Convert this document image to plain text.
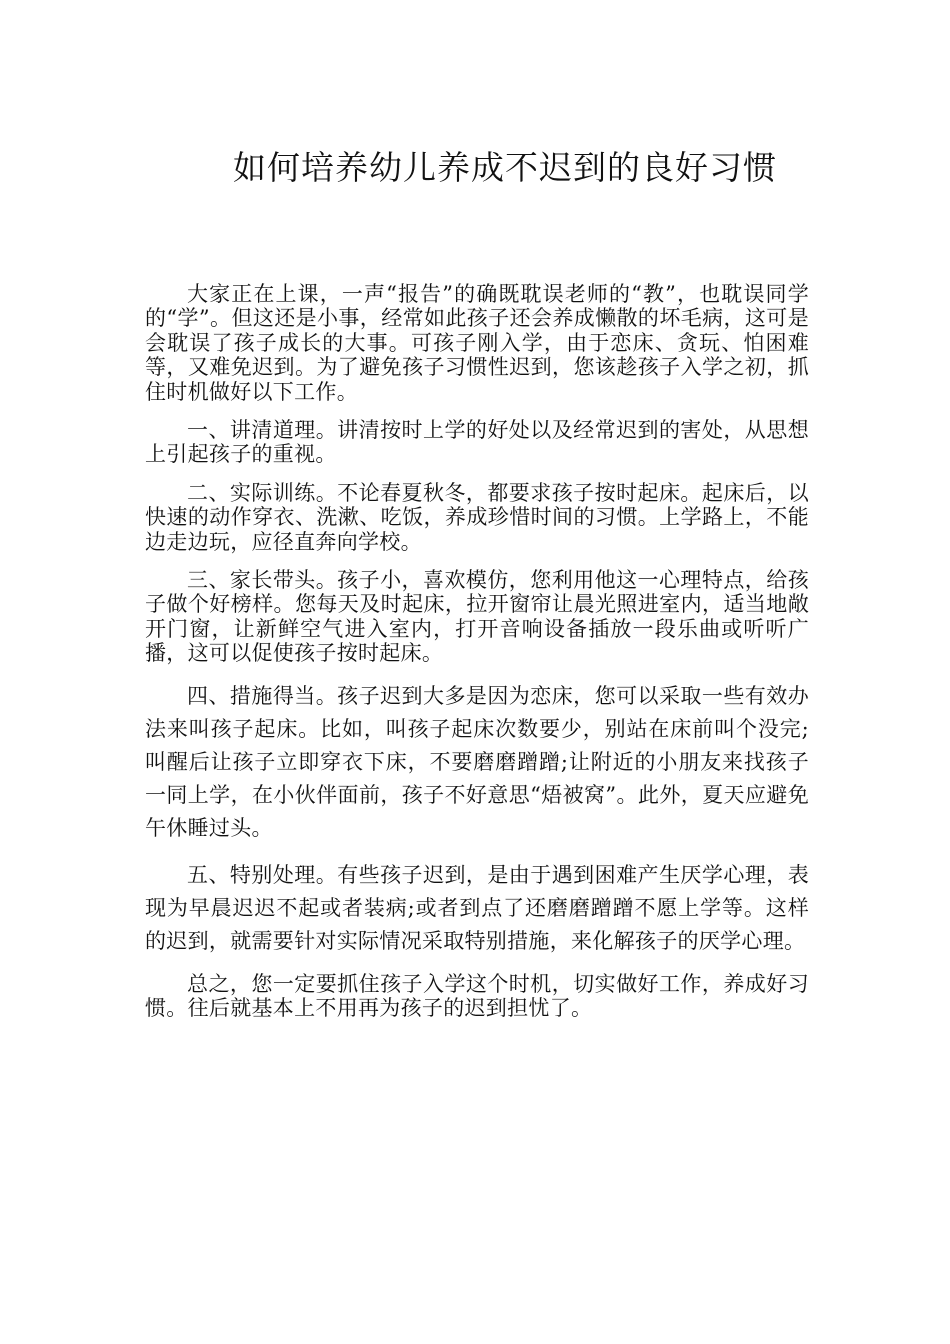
如何培养幼儿养成不迟到的良好习惯

大家正在上课，一声“报告”的确既耽误老师的“教”，也耽误同学的“学”。但这还是小事，经常如此孩子还会养成懒散的坏毛病，这可是会耽误了孩子成长的大事。可孩子刚入学，由于恋床、贪玩、怕困难等，又难免迟到。为了避免孩子习惯性迟到，您该趁孩子入学之初，抓住时机做好以下工作。

一、讲清道理。讲清按时上学的好处以及经常迟到的害处，从思想上引起孩子的重视。

二、实际训练。不论春夏秋冬，都要求孩子按时起床。起床后，以快速的动作穿衣、洗漱、吃饭，养成珍惜时间的习惯。上学路上，不能边走边玩，应径直奔向学校。

三、家长带头。孩子小，喜欢模仿，您利用他这一心理特点，给孩子做个好榜样。您每天及时起床，拉开窗帘让晨光照进室内，适当地敞开门窗，让新鲜空气进入室内，打开音响设备插放一段乐曲或听听广播，这可以促使孩子按时起床。

四、措施得当。孩子迟到大多是因为恋床，您可以采取一些有效办法来叫孩子起床。比如，叫孩子起床次数要少，别站在床前叫个没完;叫醒后让孩子立即穿衣下床，不要磨磨蹭蹭;让附近的小朋友来找孩子一同上学，在小伙伴面前，孩子不好意思“焐被窝”。此外，夏天应避免午休睡过头。

五、特别处理。有些孩子迟到，是由于遇到困难产生厌学心理，表现为早晨迟迟不起或者装病;或者到点了还磨磨蹭蹭不愿上学等。这样的迟到，就需要针对实际情况采取特别措施，来化解孩子的厌学心理。

总之，您一定要抓住孩子入学这个时机，切实做好工作，养成好习惯。往后就基本上不用再为孩子的迟到担忧了。
